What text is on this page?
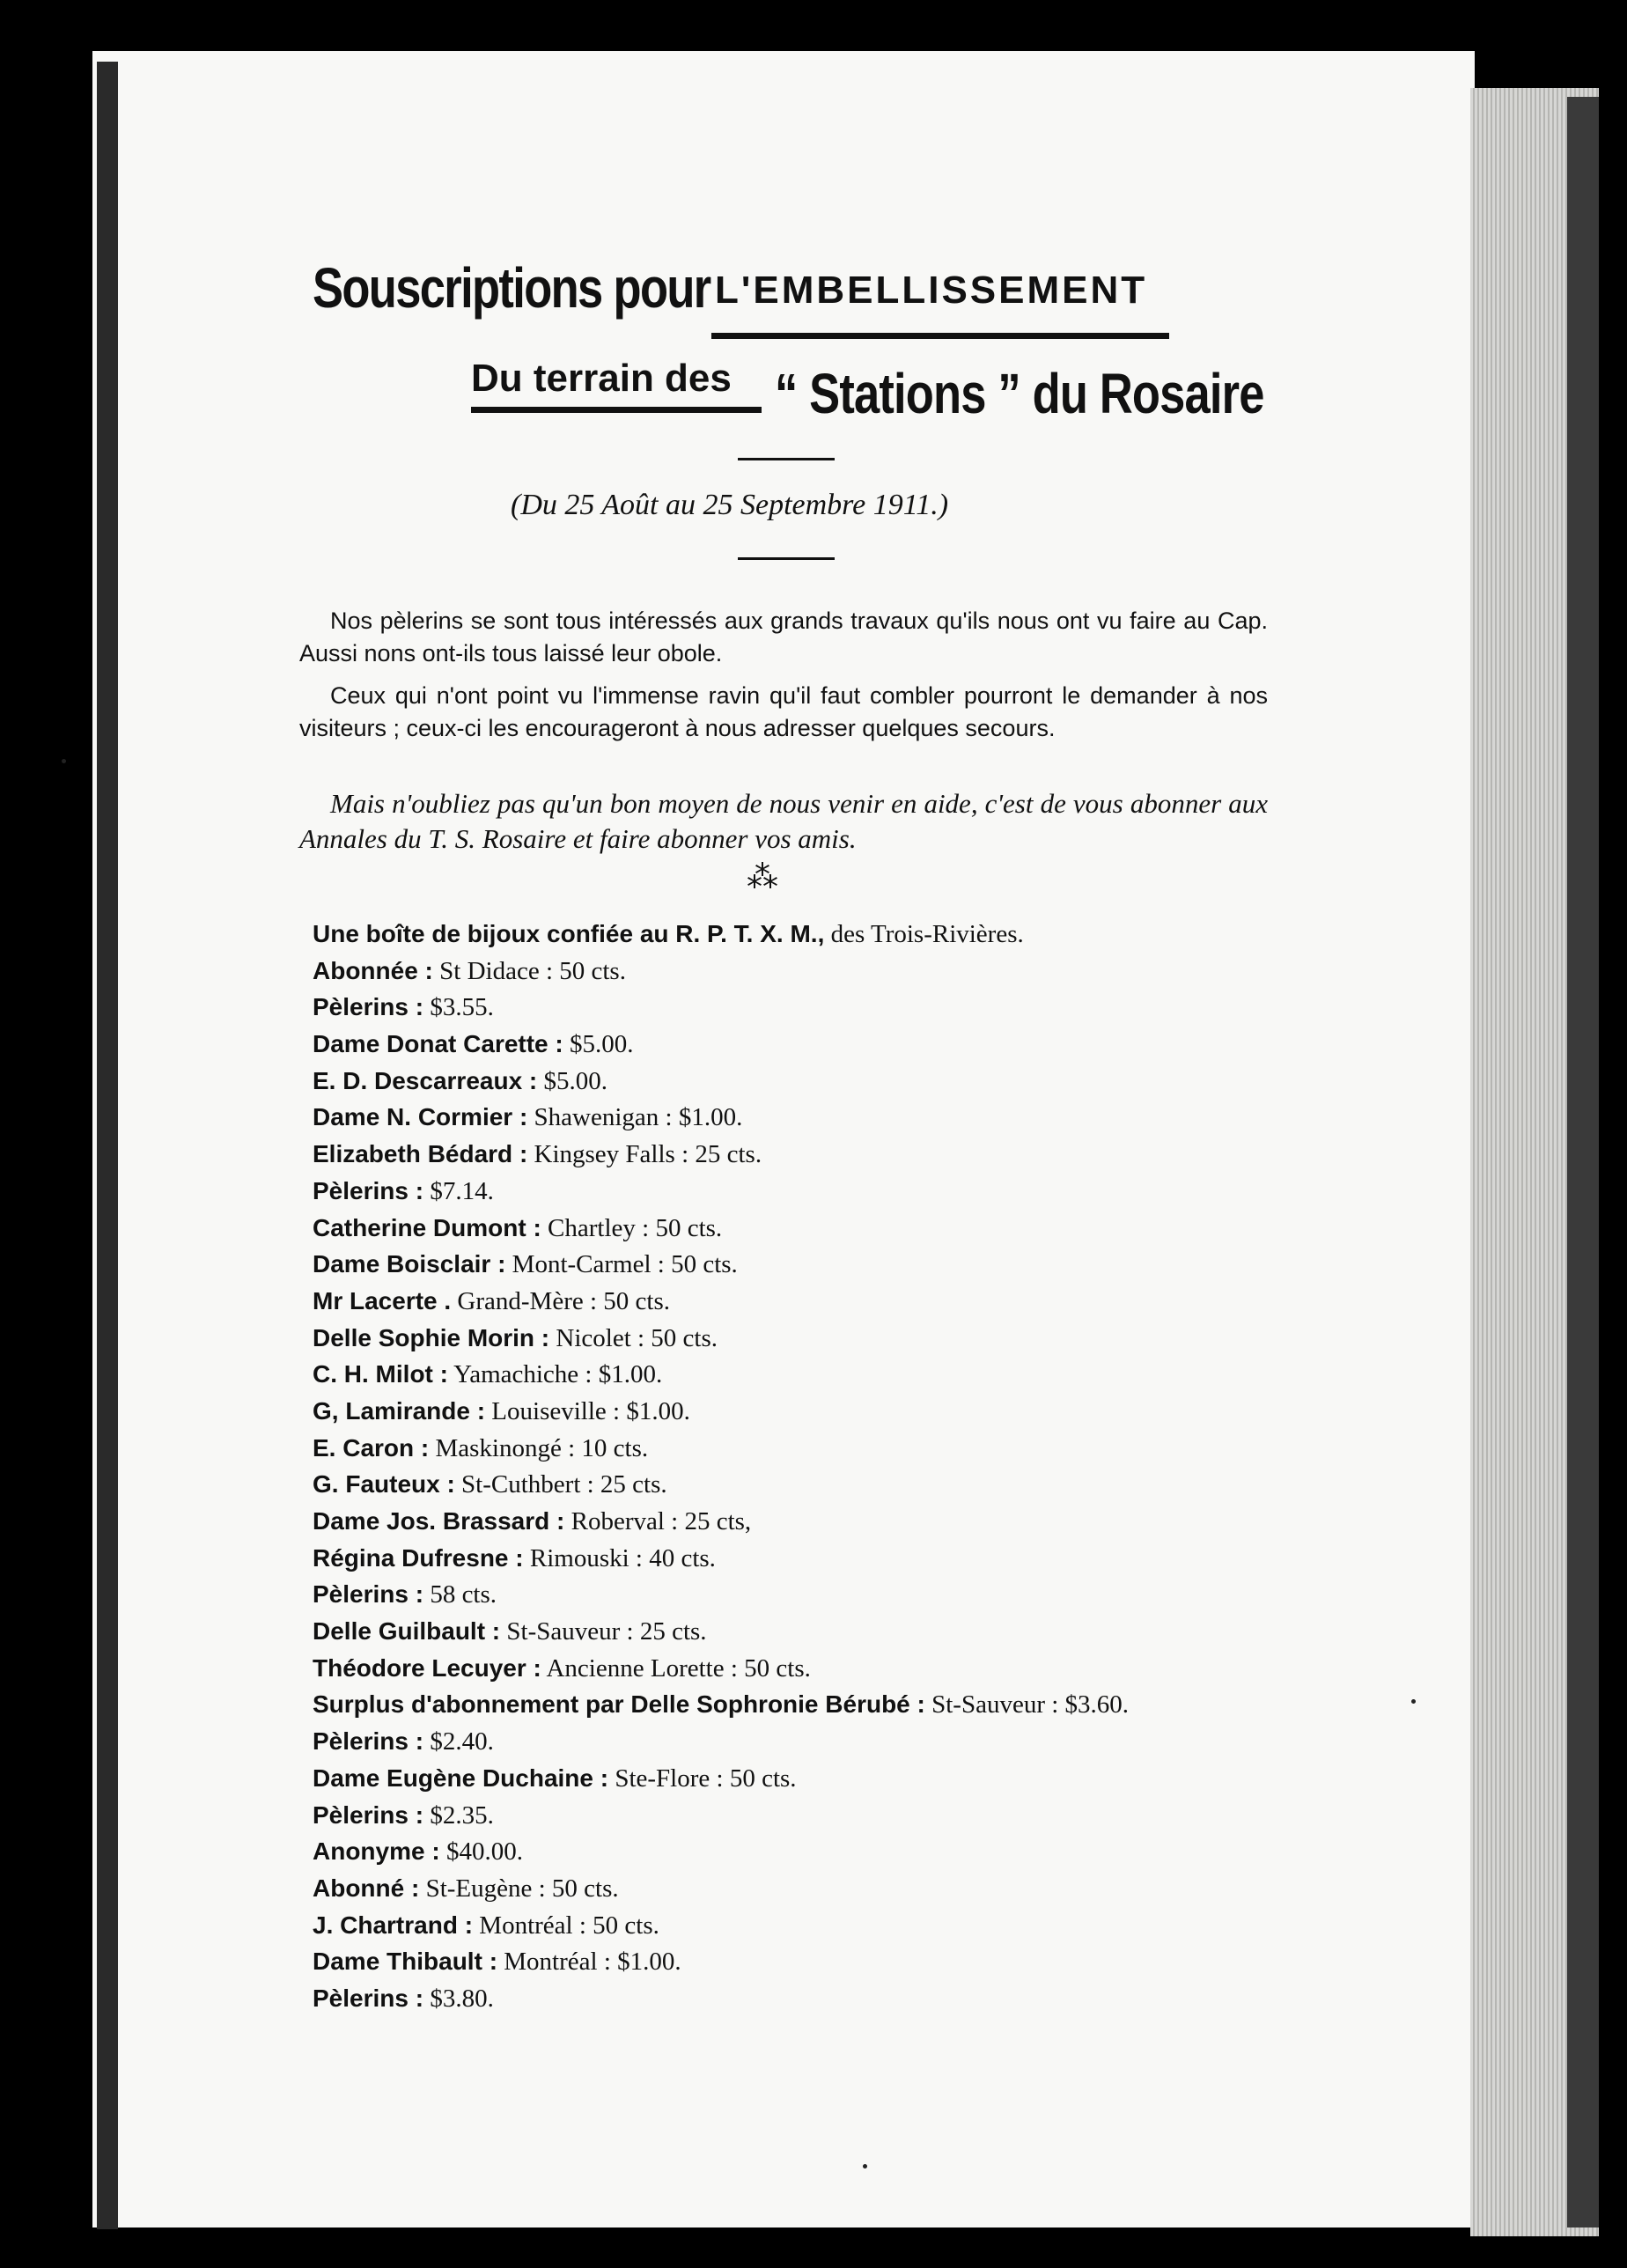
Souscriptions pour L'EMBELLISSEMENT
Du terrain des “ Stations ” du Rosaire
(Du 25 Août au 25 Septembre 1911.)

Nos pèlerins se sont tous intéressés aux grands travaux qu'ils nous ont vu faire au Cap. Aussi nons ont-ils tous laissé leur obole.

Ceux qui n'ont point vu l'immense ravin qu'il faut combler pourront le demander à nos visiteurs ; ceux-ci les encourageront à nous adresser quelques secours.

Mais n'oubliez pas qu'un bon moyen de nous venir en aide, c'est de vous abonner aux Annales du T. S. Rosaire et faire abonner vos amis.

⁂
Une boîte de bijoux confiée au R. P. T. X. M., des Trois-Rivières.
Abonnée : St Didace : 50 cts.
Pèlerins : $3.55.
Dame Donat Carette : $5.00.
E. D. Descarreaux : $5.00.
Dame N. Cormier : Shawenigan : $1.00.
Elizabeth Bédard : Kingsey Falls : 25 cts.
Pèlerins : $7.14.
Catherine Dumont : Chartley : 50 cts.
Dame Boisclair : Mont-Carmel : 50 cts.
Mr Lacerte . Grand-Mère : 50 cts.
Delle Sophie Morin : Nicolet : 50 cts.
C. H. Milot : Yamachiche : $1.00.
G, Lamirande : Louiseville : $1.00.
E. Caron : Maskinongé : 10 cts.
G. Fauteux : St-Cuthbert : 25 cts.
Dame Jos. Brassard : Roberval : 25 cts,
Régina Dufresne : Rimouski : 40 cts.
Pèlerins : 58 cts.
Delle Guilbault : St-Sauveur : 25 cts.
Théodore Lecuyer : Ancienne Lorette : 50 cts.
Surplus d'abonnement par Delle Sophronie Bérubé : St-Sauveur : $3.60.
Pèlerins : $2.40.
Dame Eugène Duchaine : Ste-Flore : 50 cts.
Pèlerins : $2.35.
Anonyme : $40.00.
Abonné : St-Eugène : 50 cts.
J. Chartrand : Montréal : 50 cts.
Dame Thibault : Montréal : $1.00.
Pèlerins : $3.80.
